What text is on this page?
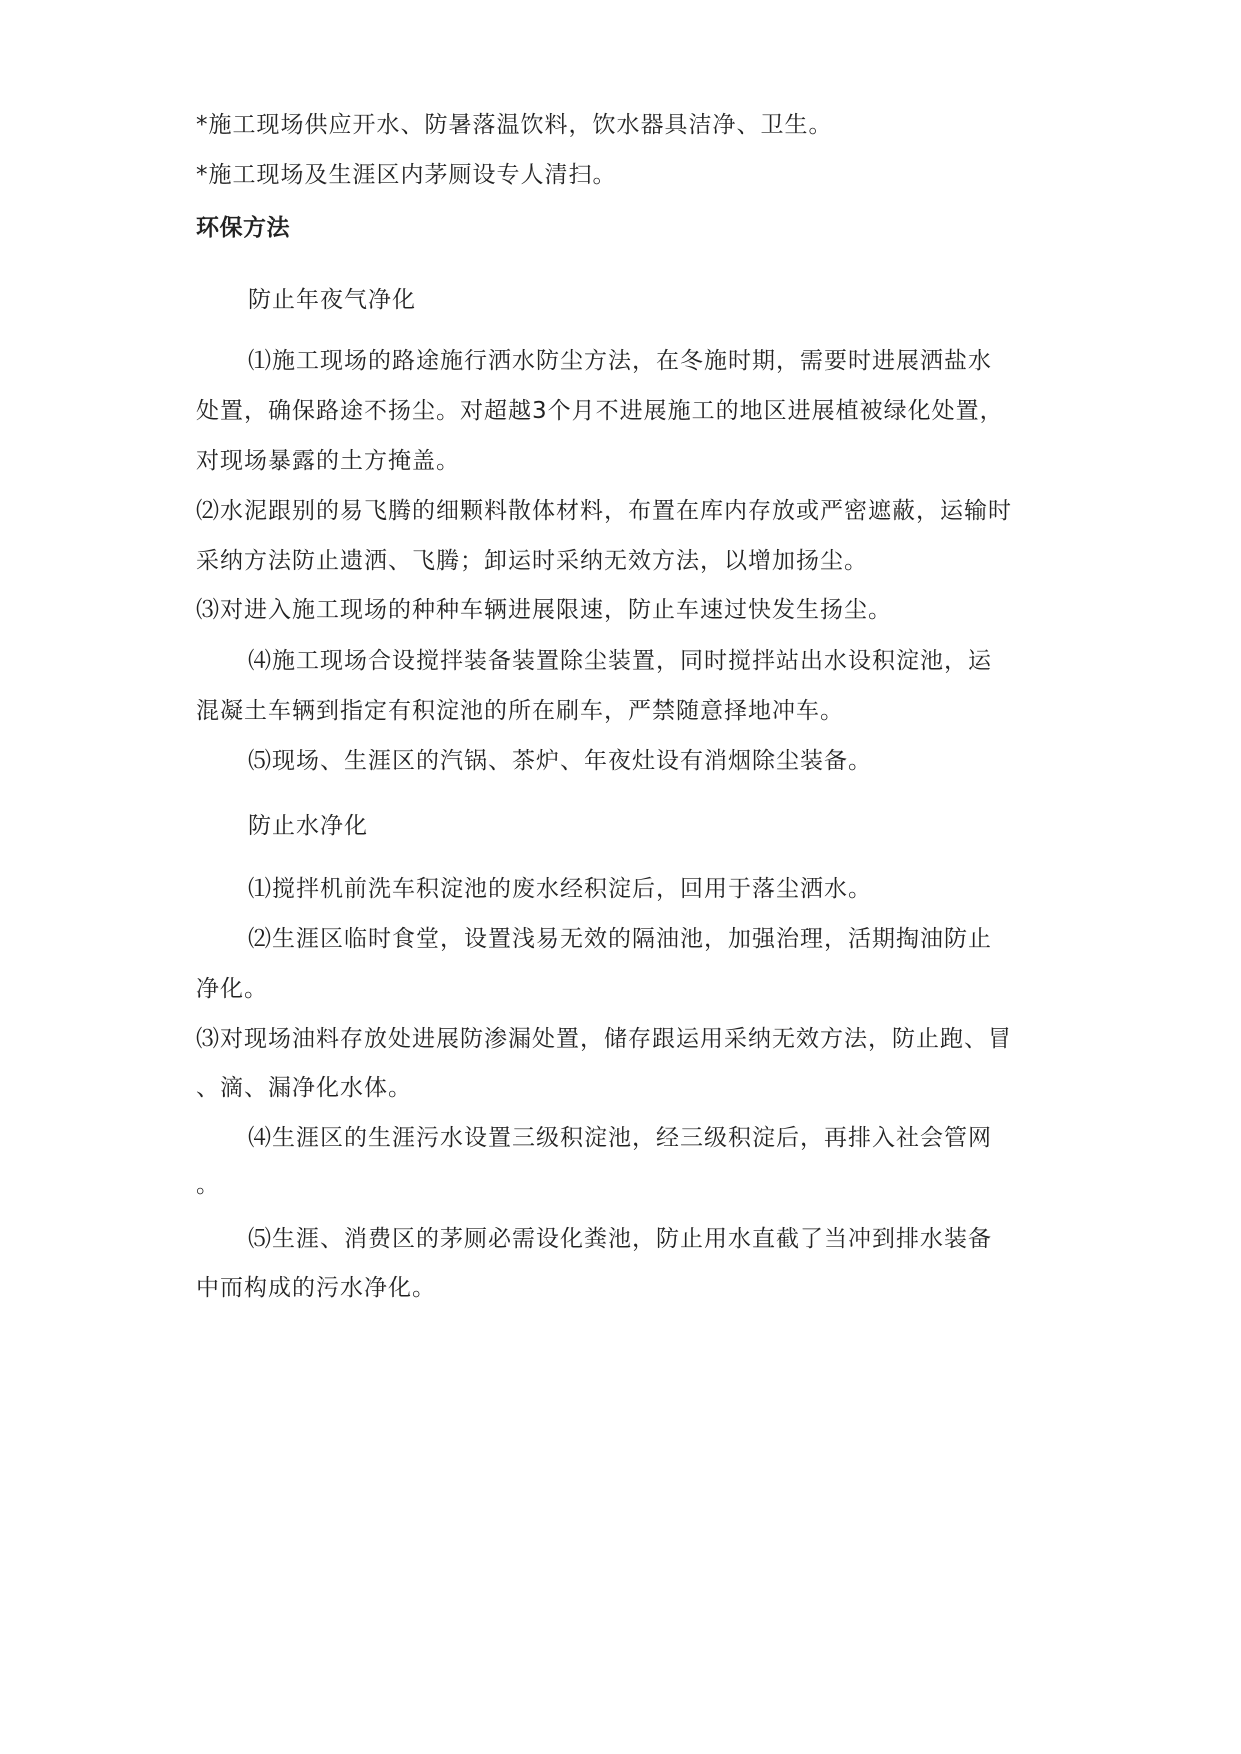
*施工现场供应开水、防暑落温饮料，饮水器具洁净、卫生。
*施工现场及生涯区内茅厕设专人清扫。
环保方法
防止年夜气净化
⑴施工现场的路途施行洒水防尘方法，在冬施时期，需要时进展洒盐水
处置，确保路途不扬尘。对超越3个月不进展施工的地区进展植被绿化处置，
对现场暴露的土方掩盖。
⑵水泥跟别的易飞腾的细颗料散体材料，布置在库内存放或严密遮蔽，运输时
采纳方法防止遗洒、飞腾；卸运时采纳无效方法，以增加扬尘。
⑶对进入施工现场的种种车辆进展限速，防止车速过快发生扬尘。
⑷施工现场合设搅拌装备装置除尘装置，同时搅拌站出水设积淀池，运
混凝土车辆到指定有积淀池的所在刷车，严禁随意择地冲车。
⑸现场、生涯区的汽锅、茶炉、年夜灶设有消烟除尘装备。
防止水净化
⑴搅拌机前洗车积淀池的废水经积淀后，回用于落尘洒水。
⑵生涯区临时食堂，设置浅易无效的隔油池，加强治理，活期掏油防止
净化。
⑶对现场油料存放处进展防渗漏处置，储存跟运用采纳无效方法，防止跑、冒
、滴、漏净化水体。
⑷生涯区的生涯污水设置三级积淀池，经三级积淀后，再排入社会管网
。
⑸生涯、消费区的茅厕必需设化粪池，防止用水直截了当冲到排水装备
中而构成的污水净化。
